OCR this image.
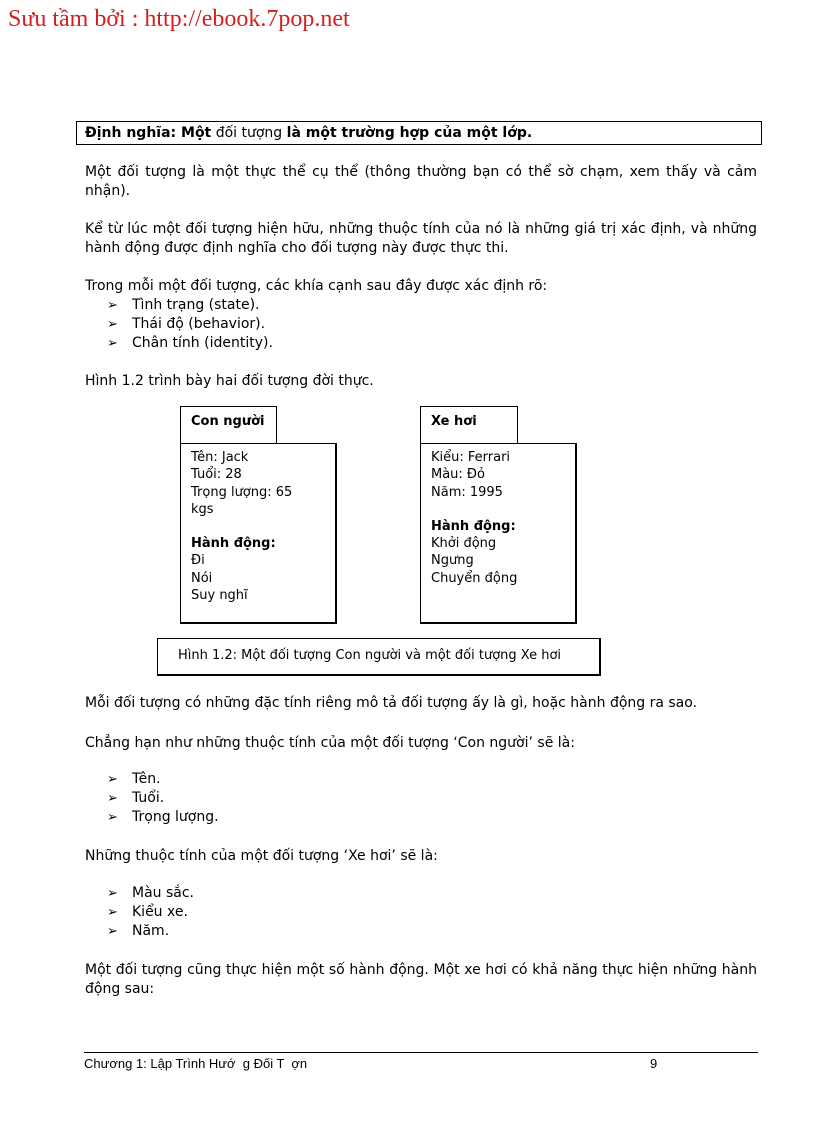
Sưu tầm bởi : http://ebook.7pop.net
Định nghĩa: Một đối tượng là một trường hợp của một lớp.
Một đối tượng là một thực thể cụ thể (thông thường bạn có thể sờ chạm, xem thấy và cảm nhận).
Kể từ lúc một đối tượng hiện hữu, những thuộc tính của nó là những giá trị xác định, và những hành động được định nghĩa cho đối tượng này được thực thi.
Trong mỗi một đối tượng, các khía cạnh sau đây được xác định rõ:
➢	Tình trạng (state).
➢	Thái độ (behavior).
➢	Chân tính (identity).
Hình 1.2 trình bày hai đối tượng đời thực.
Tên: Jack
Tuổi: 28
Trọng lượng: 65
kgs
Hành động:
Đi
Nói
Suy nghĩ
Con người
Kiểu: Ferrari
Màu: Đỏ
Năm: 1995
Hành động:
Khởi động
Ngưng
Chuyển động
Xe hơi
Hình 1.2: Một đối tượng Con người và một đối tượng Xe hơi
Mỗi đối tượng có những đặc tính riêng mô tả đối tượng ấy là gì, hoặc hành động ra sao.
Chẳng hạn như những thuộc tính của một đối tượng ‘Con người’ sẽ là:
➢	Tên.
➢	Tuổi.
➢	Trọng lượng.
Những thuộc tính của một đối tượng ‘Xe hơi’ sẽ là:
➢	Màu sắc.
➢	Kiểu xe.
➢	Năm.
Một đối tượng cũng thực hiện một số hành động. Một xe hơi có khả năng thực hiện những hành động sau:
Chương 1: Lập Trình Hướ  g Đối T  ợn	9
